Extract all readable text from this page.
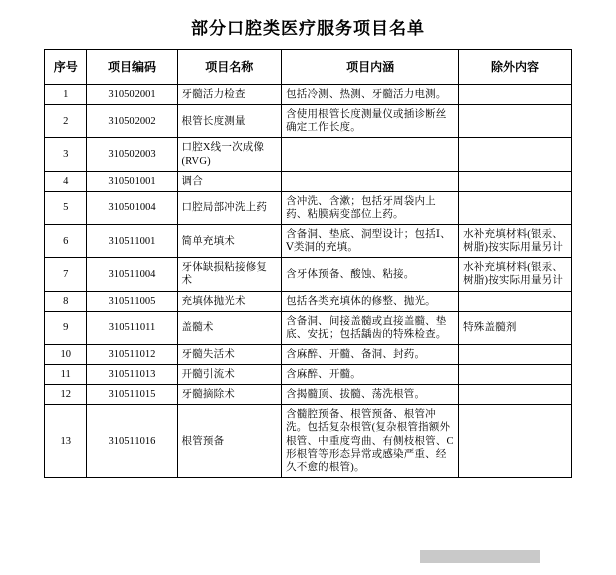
部分口腔类医疗服务项目名单
序号	项目编码	项目名称	项目内涵	除外内容
1	310502001	牙髓活力检查	包括冷测、热测、牙髓活力电测。	
2	310502002	根管长度测量	含使用根管长度测量仪或插诊断丝确定工作长度。	
3	310502003	口腔X线一次成像(RVG)		
4	310501001	调合		
5	310501004	口腔局部冲洗上药	含冲洗、含漱；包括牙周袋内上药、粘膜病变部位上药。	
6	310511001	简单充填术	含备洞、垫底、洞型设计；包括Ⅰ、Ⅴ类洞的充填。	水补充填材料(银汞、树脂)按实际用量另计
7	310511004	牙体缺损粘接修复术	含牙体预备、酸蚀、粘接。	水补充填材料(银汞、树脂)按实际用量另计
8	310511005	充填体抛光术	包括各类充填体的修整、抛光。	
9	310511011	盖髓术	含备洞、间接盖髓或直接盖髓、垫底、安抚；包括龋齿的特殊检查。	特殊盖髓剂
10	310511012	牙髓失活术	含麻醉、开髓、备洞、封药。	
11	310511013	开髓引流术	含麻醉、开髓。	
12	310511015	牙髓摘除术	含揭髓顶、拔髓、荡洗根管。	
13	310511016	根管预备	含髓腔预备、根管预备、根管冲洗。包括复杂根管(复杂根管指额外根管、中重度弯曲、有侧枝根管、C形根管等形态异常或感染严重、经久不愈的根管)。	
